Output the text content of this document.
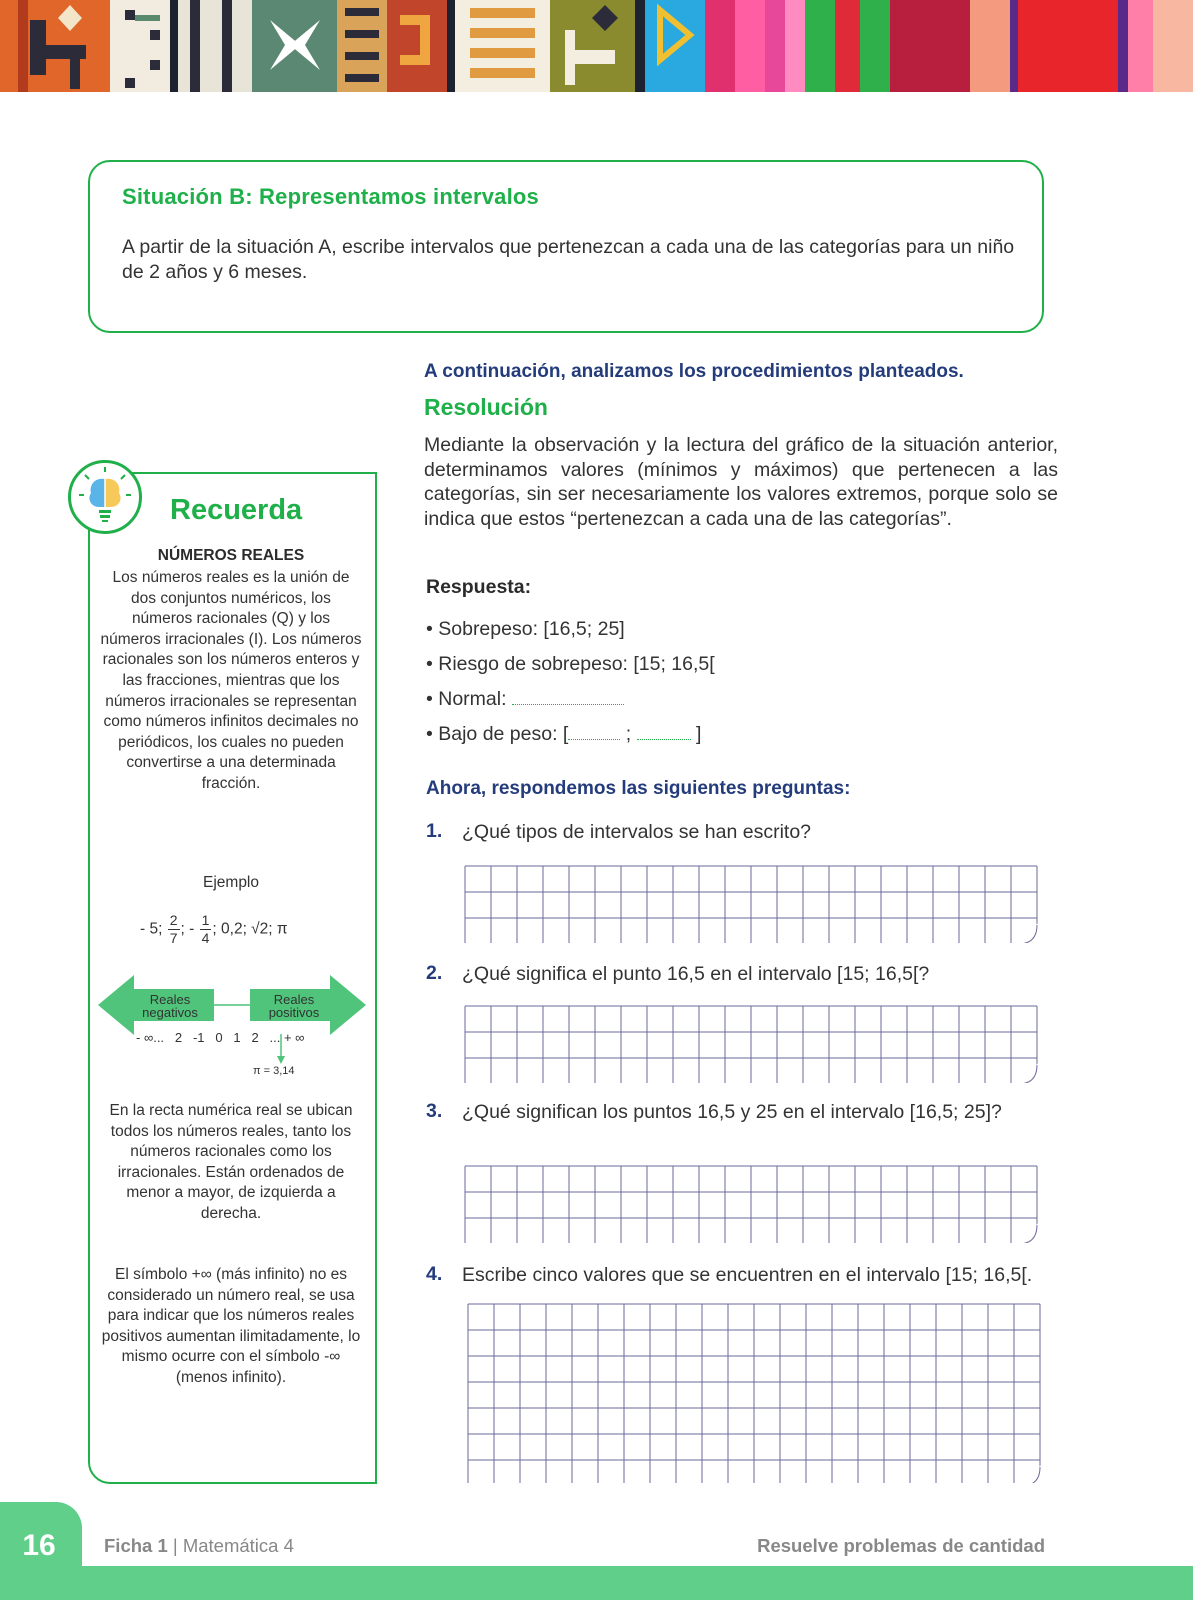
Situación B: Representamos intervalos

A partir de la situación A, escribe intervalos que pertenezcan a cada una de las categorías para un niño de 2 años y 6 meses.

Recuerda

NÚMEROS REALES

Los números reales es la unión de dos conjuntos numéricos, los números racionales (Q) y los números irracionales (I). Los números racionales son los números enteros y las fracciones, mientras que los números irracionales se representan como números infinitos decimales no periódicos, los cuales no pueden convertirse a una determinada fracción.

Ejemplo

- 5; $\frac{2}{7}$ ; - $\frac{1}{4}$ ; 0,2; √2; π
Reales negativos
Reales positivos
- ∞...   2   -1   0   1   2   ... + ∞
π = 3,14

En la recta numérica real se ubican todos los números reales, tanto los números racionales como los irracionales. Están ordenados de menor a mayor, de izquierda a derecha.

El símbolo +∞ (más infinito) no es considerado un número real, se usa para indicar que los números reales positivos aumentan ilimitadamente, lo mismo ocurre con el símbolo -∞ (menos infinito).

A continuación, analizamos los procedimientos planteados.

Resolución

Mediante la observación y la lectura del gráfico de la situación anterior, determinamos valores (mínimos y máximos) que pertenecen a las categorías, sin ser necesariamente los valores extremos, porque solo se indica que estos “pertenezcan a cada una de las categorías”.

Respuesta:

• Sobrepeso: [16,5; 25]

• Riesgo de sobrepeso: [15; 16,5[

• Normal:

• Bajo de peso: [	;	]

Ahora, respondemos las siguientes preguntas:

1. ¿Qué tipos de intervalos se han escrito?

2. ¿Qué significa el punto 16,5 en el intervalo [15; 16,5[?

3. ¿Qué significan los puntos 16,5 y 25 en el intervalo [16,5; 25]?

4. Escribe cinco valores que se encuentren en el intervalo [15; 16,5[.

16	Ficha 1 | Matemática 4	Resuelve problemas de cantidad
